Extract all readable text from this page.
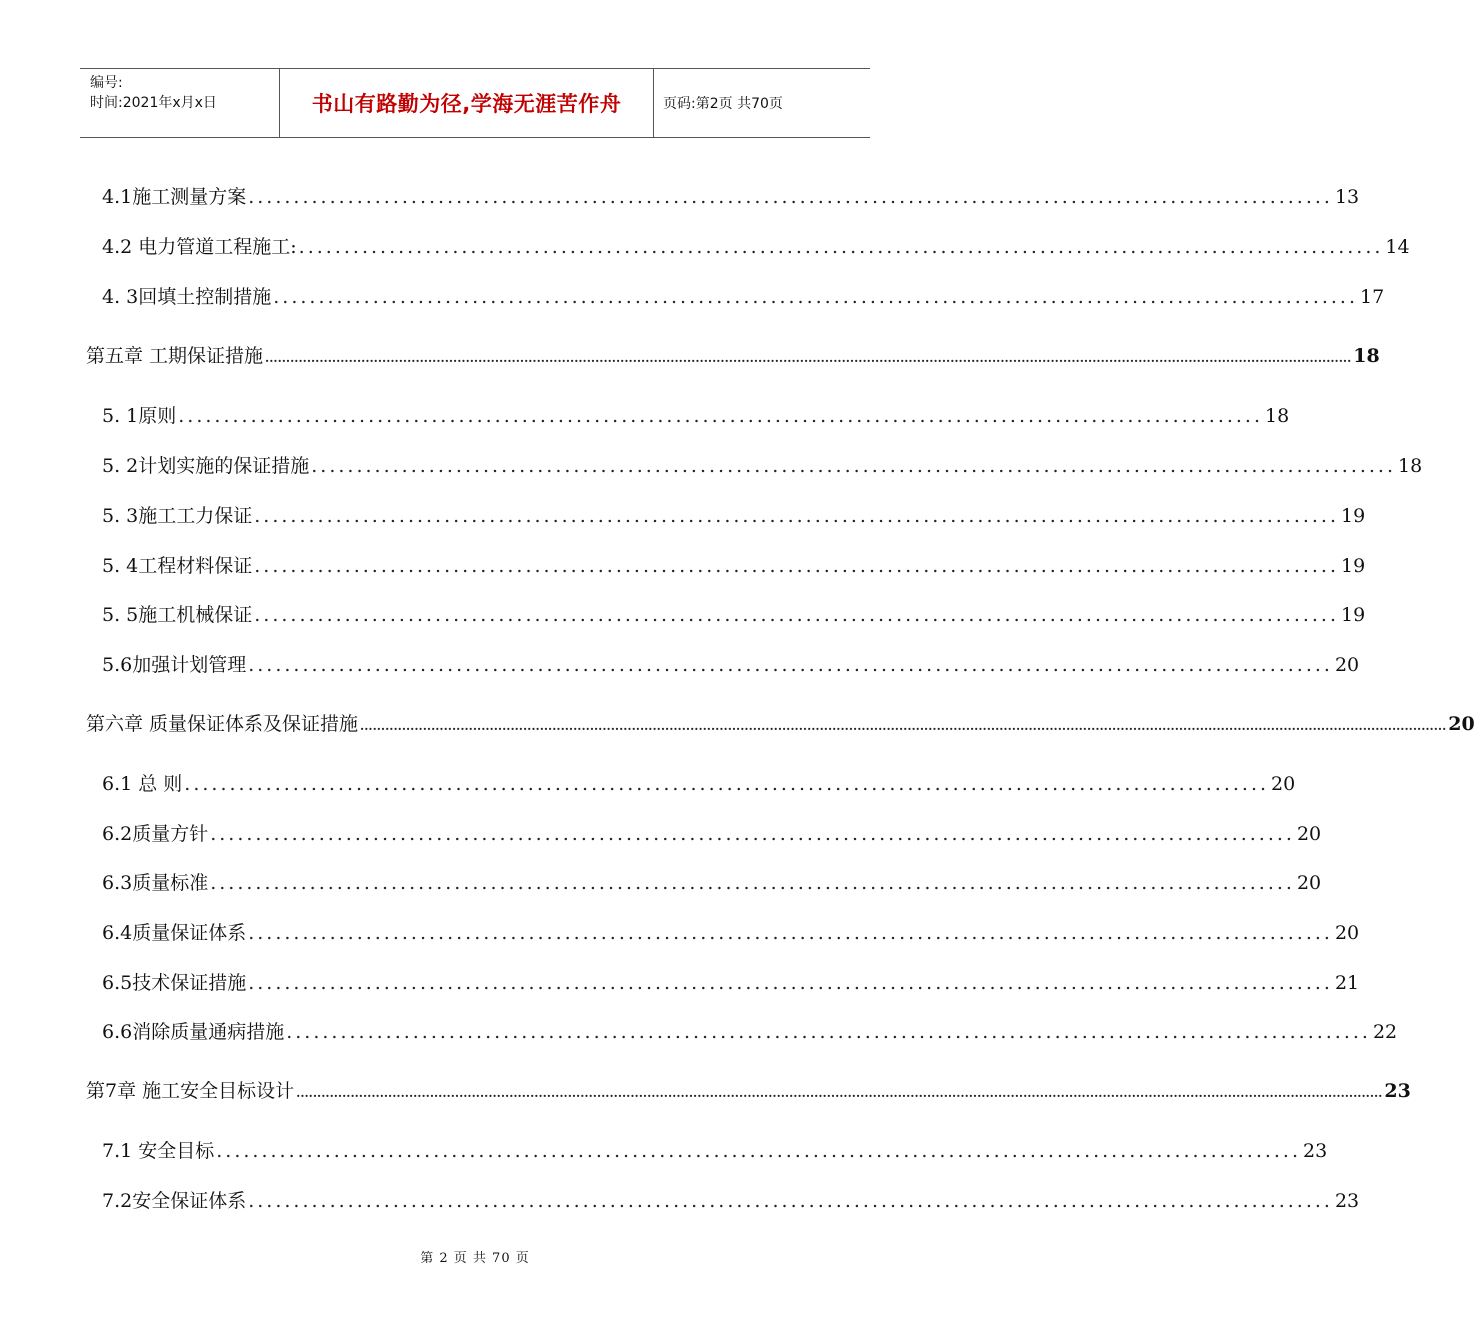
编号:
时间:2021年x月x日	书山有路勤为径,学海无涯苦作舟	页码:第2页 共70页
4.1施工测量方案 ........................................................................................................................ 13
4.2 电力管道工程施工: ........................................................................................................................ 14
4. 3回填土控制措施 ........................................................................................................................ 17
第五章 工期保证措施 .................................................................................................................................................................................................................................................................... 18
5. 1原则 ........................................................................................................................ 18
5. 2计划实施的保证措施 ........................................................................................................................ 18
5. 3施工工力保证 ........................................................................................................................ 19
5. 4工程材料保证 ........................................................................................................................ 19
5. 5施工机械保证 ........................................................................................................................ 19
5.6加强计划管理 ........................................................................................................................ 20
第六章 质量保证体系及保证措施 .................................................................................................................................................................................................................................................................... 20
6.1 总 则 ........................................................................................................................ 20
6.2质量方针 ........................................................................................................................ 20
6.3质量标准 ........................................................................................................................ 20
6.4质量保证体系 ........................................................................................................................ 20
6.5技术保证措施 ........................................................................................................................ 21
6.6消除质量通病措施 ........................................................................................................................ 22
第7章 施工安全目标设计 .................................................................................................................................................................................................................................................................... 23
7.1 安全目标 ........................................................................................................................ 23
7.2安全保证体系 ........................................................................................................................ 23
第 2 页 共 70 页
